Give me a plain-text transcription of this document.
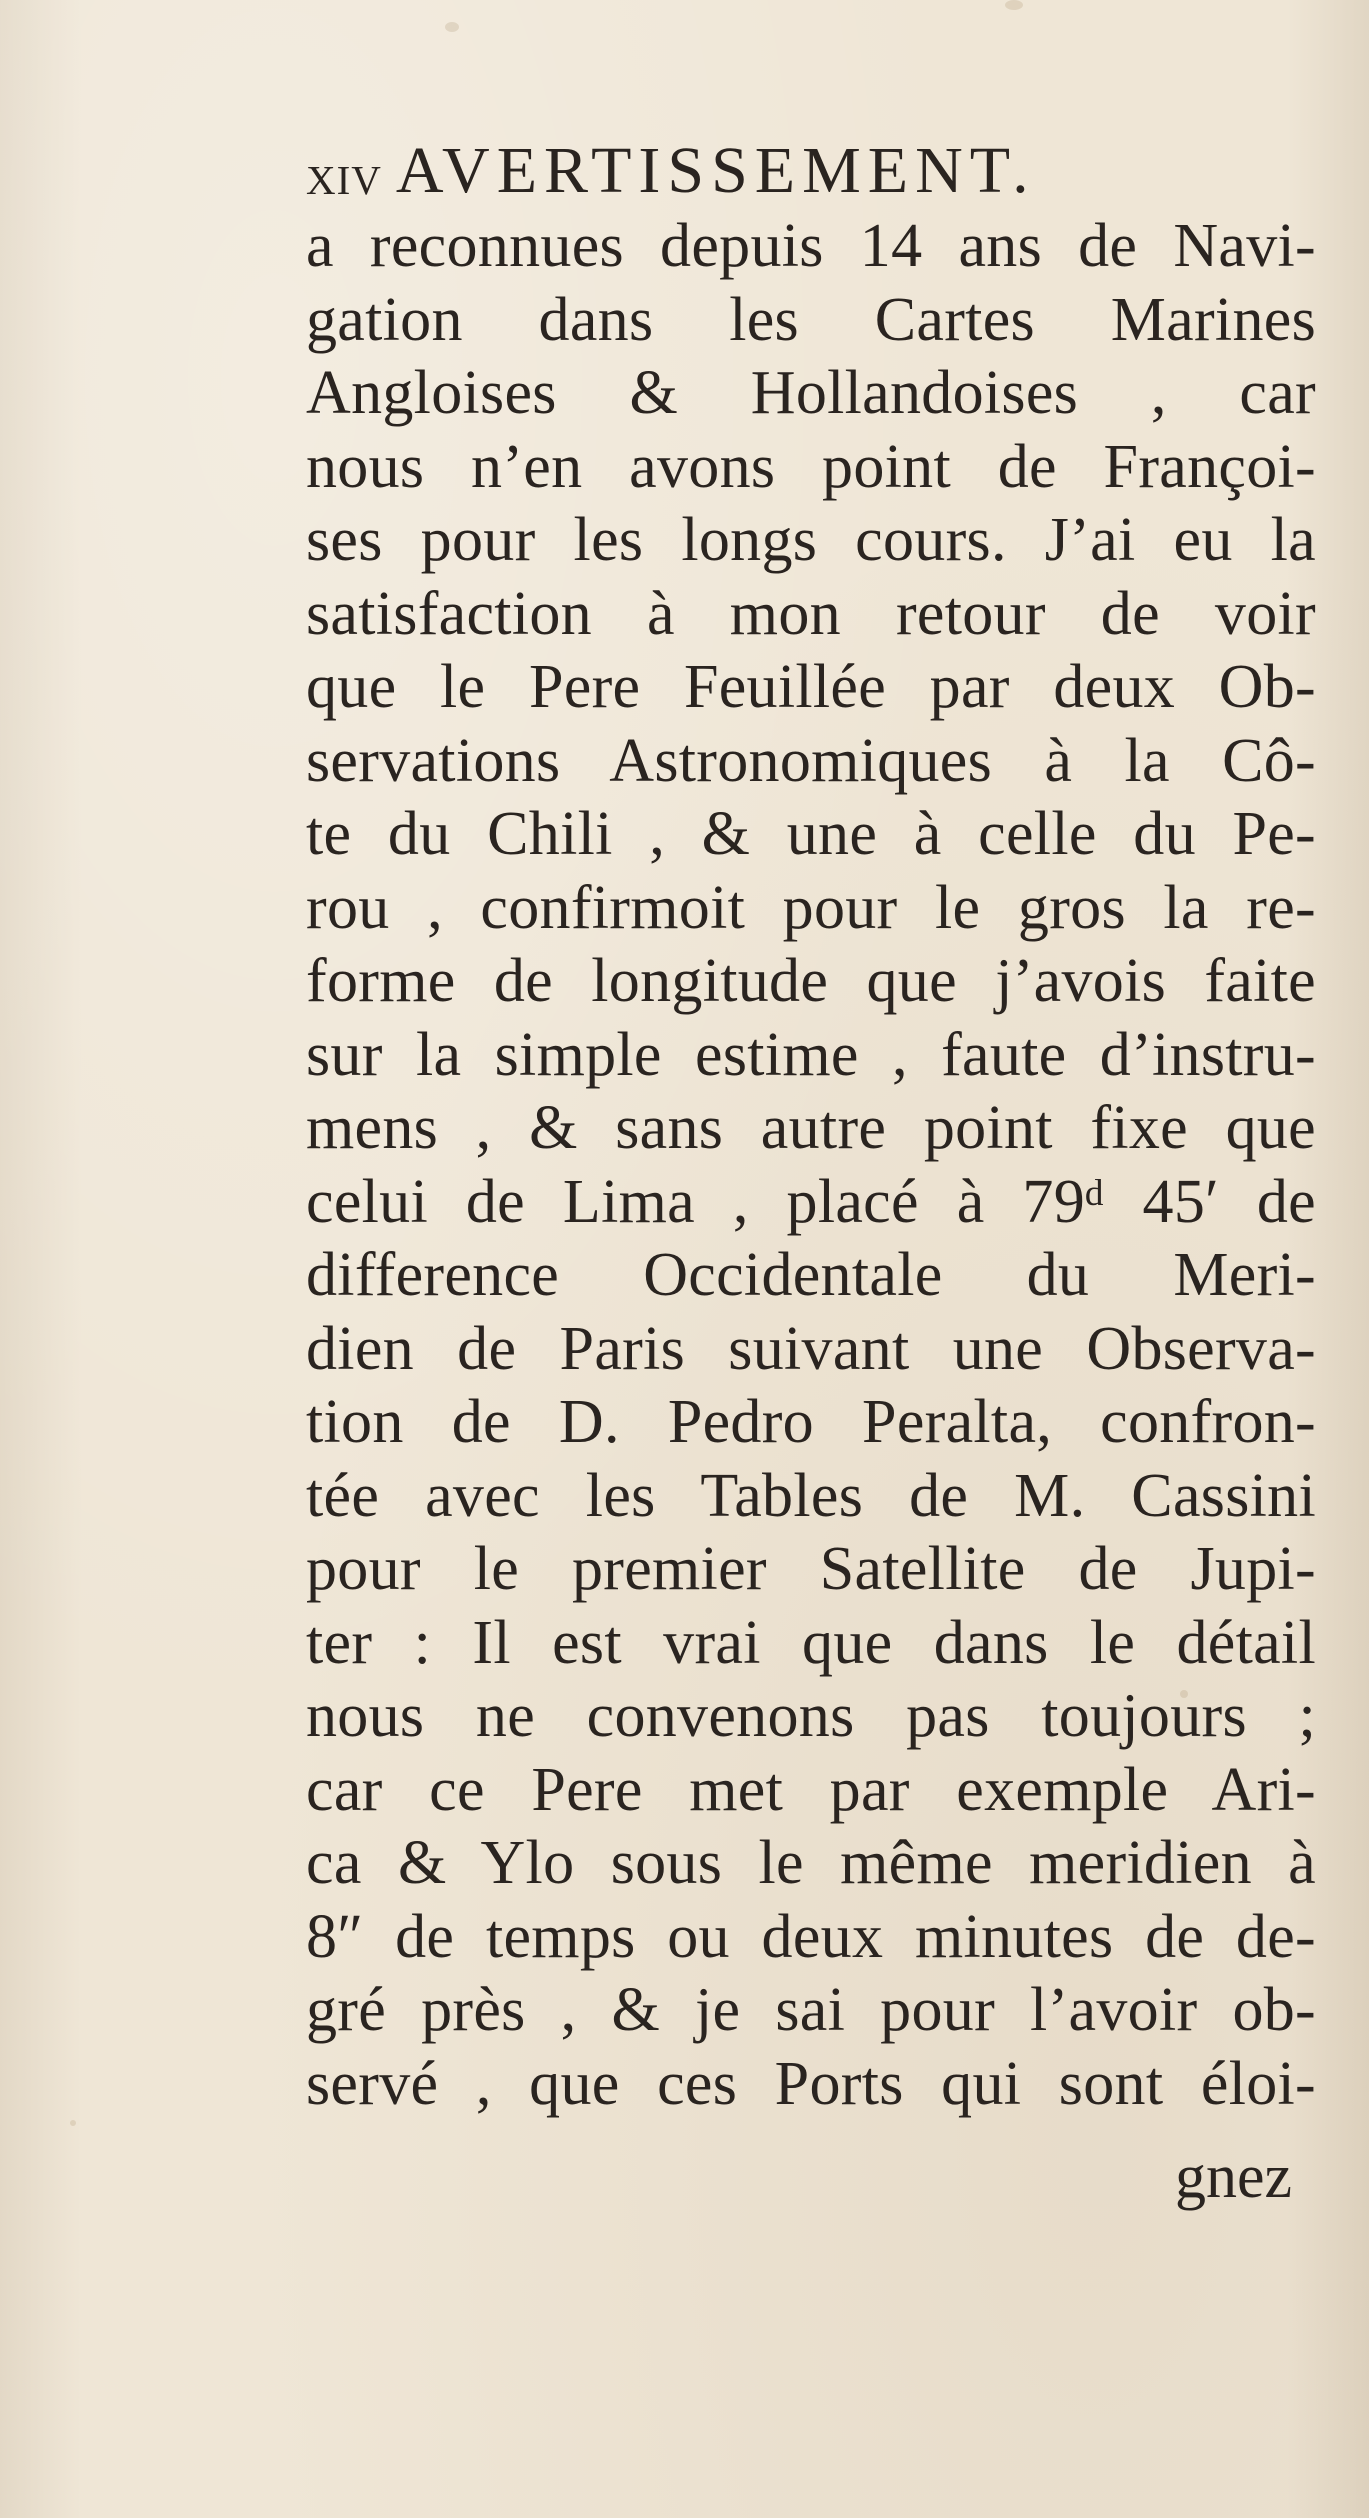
xiv AVERTISSEMENT.
a reconnues depuis 14 ans de Navi-
gation dans les Cartes Marines
Angloises & Hollandoises , car
nous n’en avons point de Françoi-
ses pour les longs cours. J’ai eu la
satisfaction à mon retour de voir
que le Pere Feuillée par deux Ob-
servations Astronomiques à la Cô-
te du Chili , & une à celle du Pe-
rou , confirmoit pour le gros la re-
forme de longitude que j’avois faite
sur la simple estime , faute d’instru-
mens , & sans autre point fixe que
celui de Lima , placé à 79ᵈ 45′ de
difference Occidentale du Meri-
dien de Paris suivant une Observa-
tion de D. Pedro Peralta, confron-
tée avec les Tables de M. Cassini
pour le premier Satellite de Jupi-
ter : Il est vrai que dans le détail
nous ne convenons pas toujours ;
car ce Pere met par exemple Ari-
ca & Ylo sous le même meridien à
8″ de temps ou deux minutes de de-
gré près , & je sai pour l’avoir ob-
servé , que ces Ports qui sont éloi-
gnez
